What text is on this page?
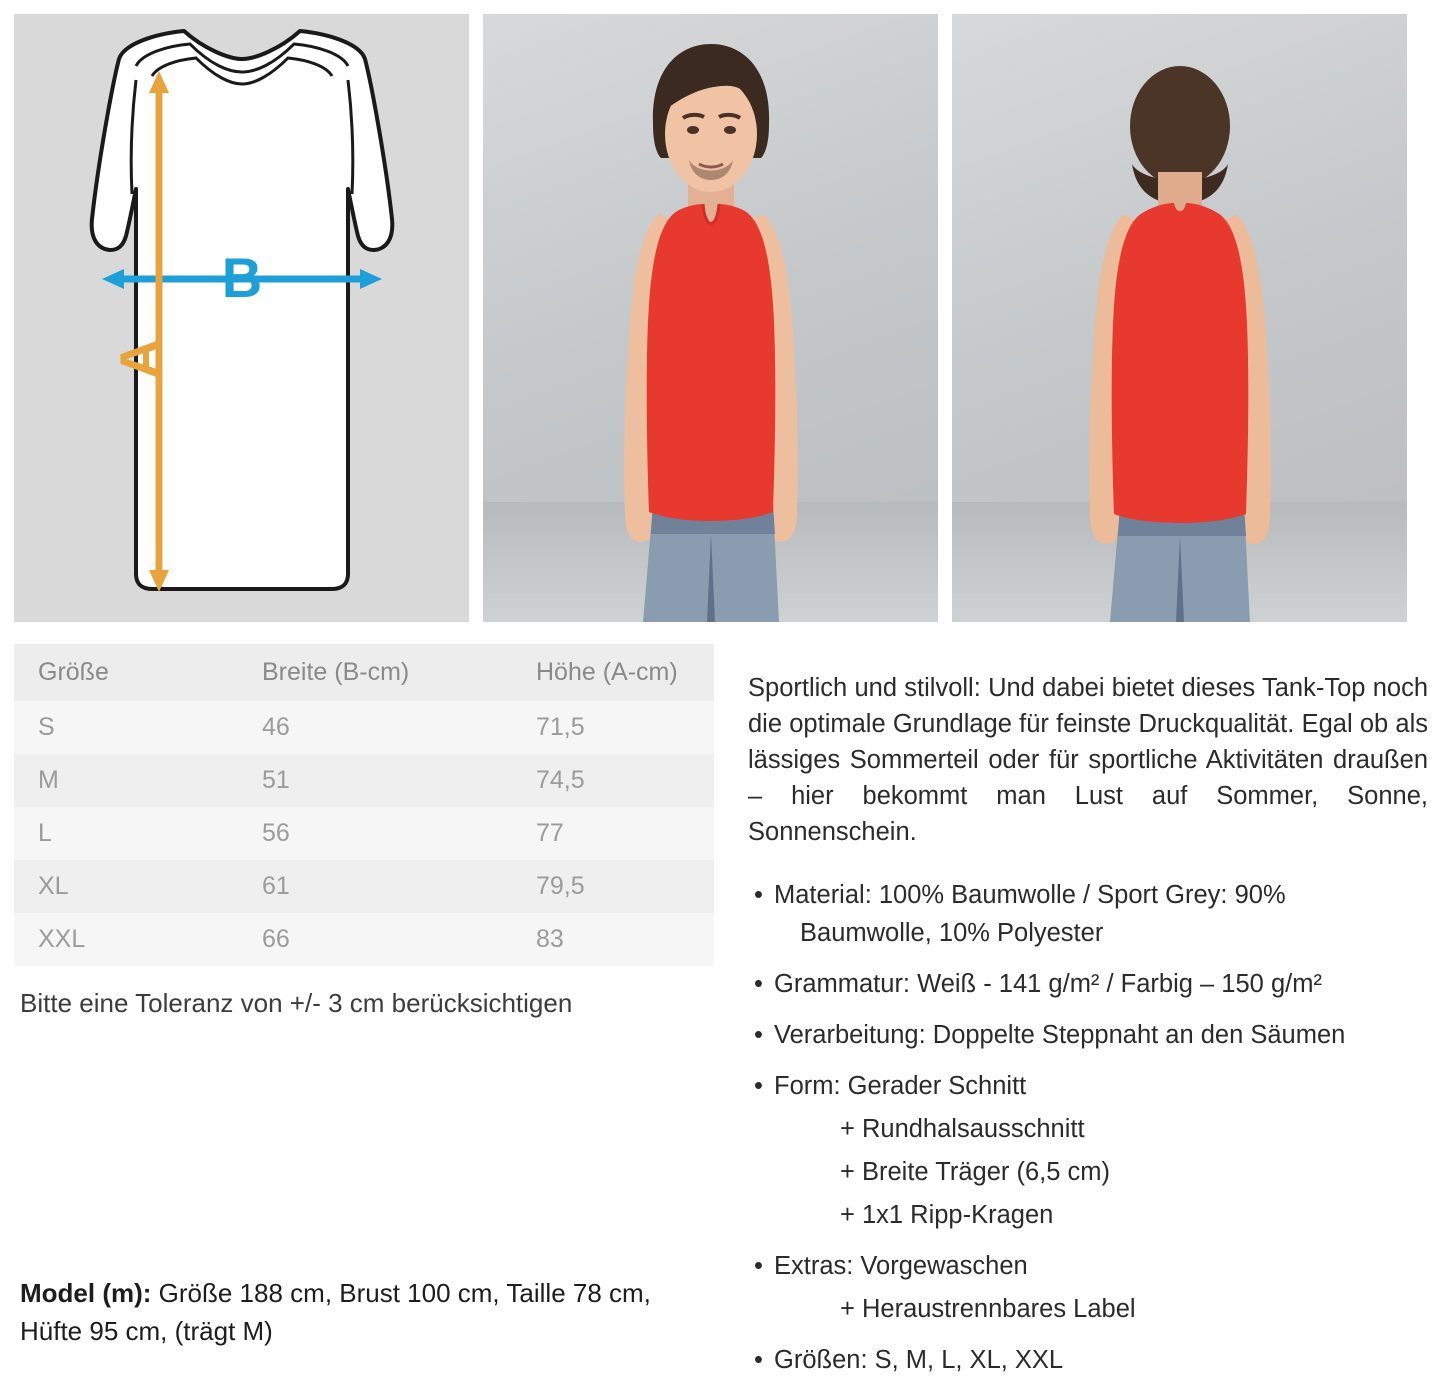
B
A
Größe	Breite (B-cm)	Höhe (A-cm)
S	46	71,5
M	51	74,5
L	56	77
XL	61	79,5
XXL	66	83
Bitte eine Toleranz von +/- 3 cm berücksichtigen

Sportlich und stilvoll: Und dabei bietet dieses Tank-Top noch die optimale Grundlage für feinste Druckqualität. Egal ob als lässiges Sommerteil oder für sportliche Aktivitäten draußen – hier bekommt man Lust auf Sommer, Sonne, Sonnenschein.

• Material: 100% Baumwolle / Sport Grey: 90%
Baumwolle, 10% Polyester
• Grammatur: Weiß - 141 g/m² / Farbig – 150 g/m²
• Verarbeitung: Doppelte Steppnaht an den Säumen
• Form: Gerader Schnitt
+ Rundhalsausschnitt
+ Breite Träger (6,5 cm)
+ 1x1 Ripp-Kragen
• Extras: Vorgewaschen
+ Heraustrennbares Label
• Größen: S, M, L, XL, XXL
Model (m): Größe 188 cm, Brust 100 cm, Taille 78 cm, Hüfte 95 cm, (trägt M)
